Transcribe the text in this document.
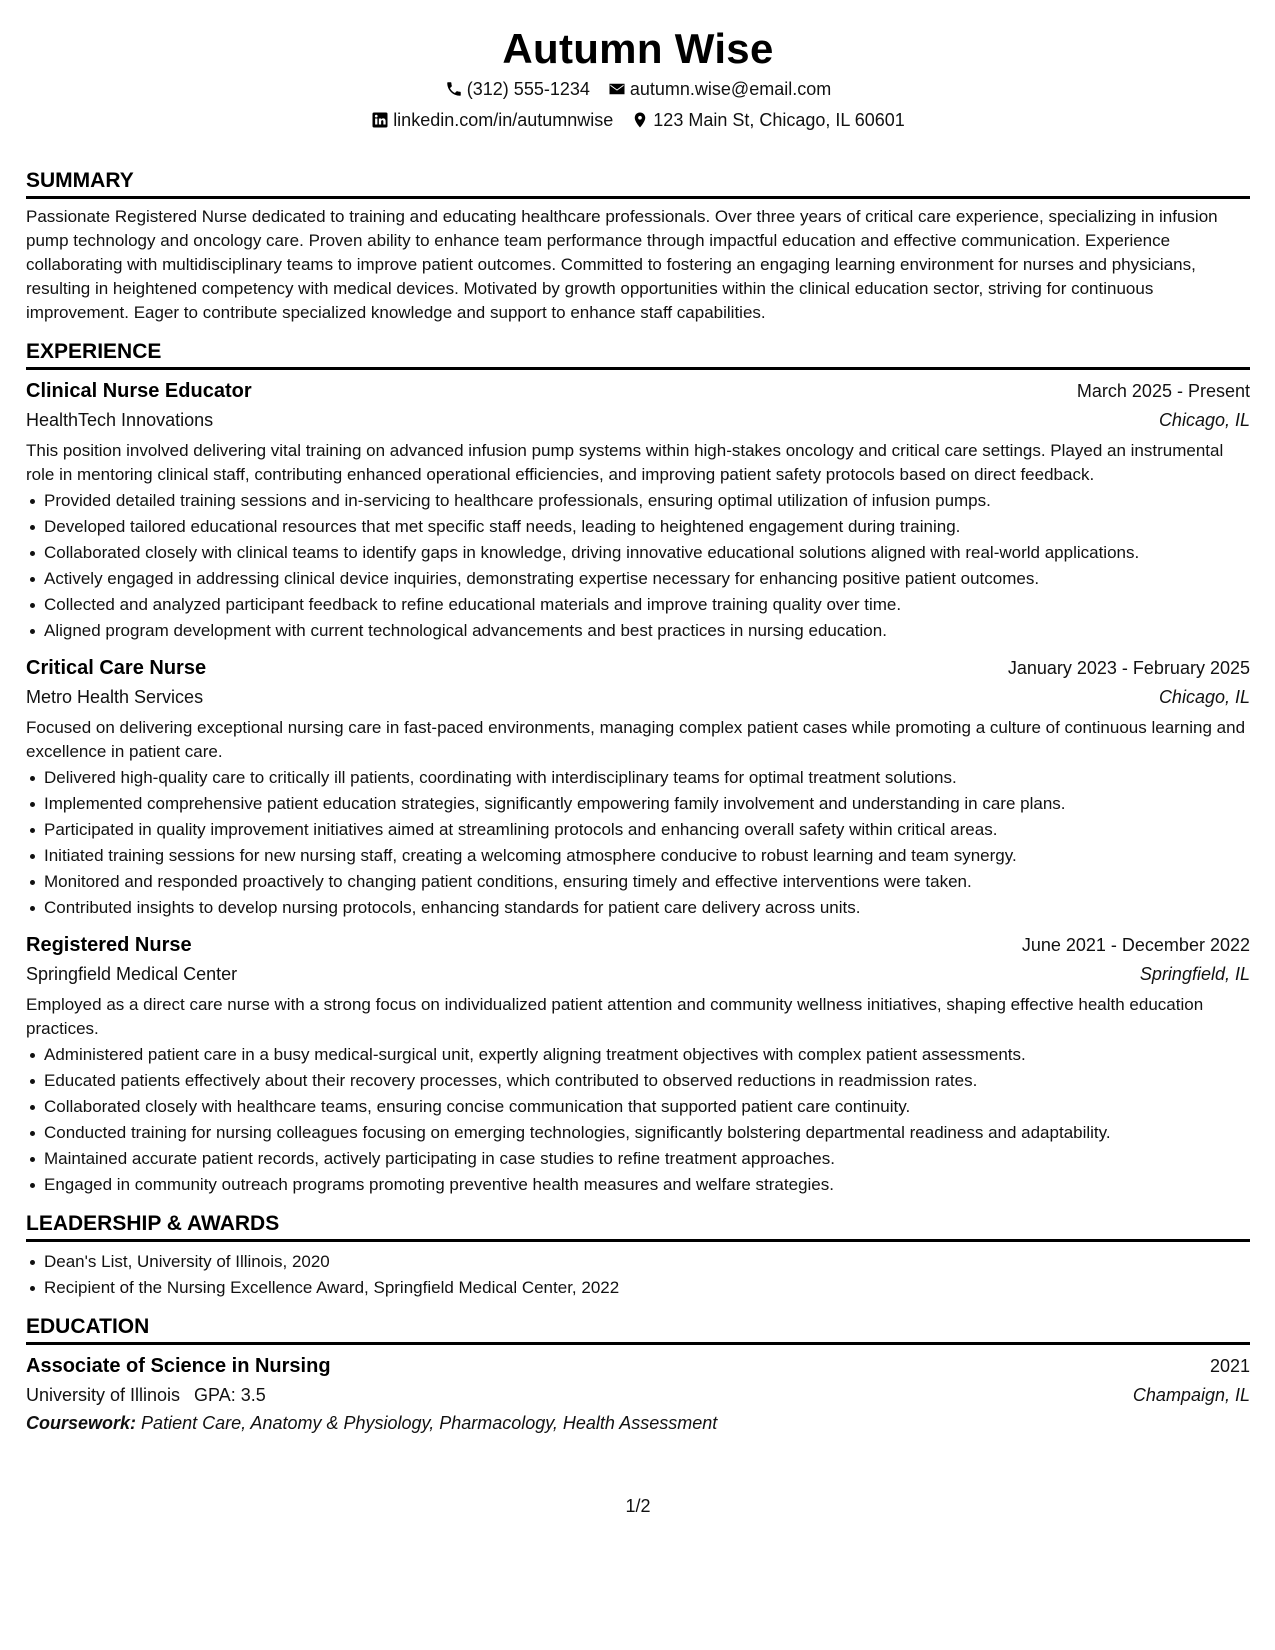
Autumn Wise
(312) 555-1234 autumn.wise@email.com
linkedin.com/in/autumnwise 123 Main St, Chicago, IL 60601
SUMMARY
Passionate Registered Nurse dedicated to training and educating healthcare professionals. Over three years of critical care experience, specializing in infusion pump technology and oncology care. Proven ability to enhance team performance through impactful education and effective communication. Experience collaborating with multidisciplinary teams to improve patient outcomes. Committed to fostering an engaging learning environment for nurses and physicians, resulting in heightened competency with medical devices. Motivated by growth opportunities within the clinical education sector, striving for continuous improvement. Eager to contribute specialized knowledge and support to enhance staff capabilities.
EXPERIENCE
Clinical Nurse Educator	March 2025 - Present
HealthTech Innovations	Chicago, IL
This position involved delivering vital training on advanced infusion pump systems within high-stakes oncology and critical care settings. Played an instrumental role in mentoring clinical staff, contributing enhanced operational efficiencies, and improving patient safety protocols based on direct feedback.
Provided detailed training sessions and in-servicing to healthcare professionals, ensuring optimal utilization of infusion pumps.
Developed tailored educational resources that met specific staff needs, leading to heightened engagement during training.
Collaborated closely with clinical teams to identify gaps in knowledge, driving innovative educational solutions aligned with real-world applications.
Actively engaged in addressing clinical device inquiries, demonstrating expertise necessary for enhancing positive patient outcomes.
Collected and analyzed participant feedback to refine educational materials and improve training quality over time.
Aligned program development with current technological advancements and best practices in nursing education.
Critical Care Nurse	January 2023 - February 2025
Metro Health Services	Chicago, IL
Focused on delivering exceptional nursing care in fast-paced environments, managing complex patient cases while promoting a culture of continuous learning and excellence in patient care.
Delivered high-quality care to critically ill patients, coordinating with interdisciplinary teams for optimal treatment solutions.
Implemented comprehensive patient education strategies, significantly empowering family involvement and understanding in care plans.
Participated in quality improvement initiatives aimed at streamlining protocols and enhancing overall safety within critical areas.
Initiated training sessions for new nursing staff, creating a welcoming atmosphere conducive to robust learning and team synergy.
Monitored and responded proactively to changing patient conditions, ensuring timely and effective interventions were taken.
Contributed insights to develop nursing protocols, enhancing standards for patient care delivery across units.
Registered Nurse	June 2021 - December 2022
Springfield Medical Center	Springfield, IL
Employed as a direct care nurse with a strong focus on individualized patient attention and community wellness initiatives, shaping effective health education practices.
Administered patient care in a busy medical-surgical unit, expertly aligning treatment objectives with complex patient assessments.
Educated patients effectively about their recovery processes, which contributed to observed reductions in readmission rates.
Collaborated closely with healthcare teams, ensuring concise communication that supported patient care continuity.
Conducted training for nursing colleagues focusing on emerging technologies, significantly bolstering departmental readiness and adaptability.
Maintained accurate patient records, actively participating in case studies to refine treatment approaches.
Engaged in community outreach programs promoting preventive health measures and welfare strategies.
LEADERSHIP & AWARDS
Dean's List, University of Illinois, 2020
Recipient of the Nursing Excellence Award, Springfield Medical Center, 2022
EDUCATION
Associate of Science in Nursing	2021
University of Illinois GPA: 3.5	Champaign, IL
Coursework: Patient Care, Anatomy & Physiology, Pharmacology, Health Assessment
1/2
